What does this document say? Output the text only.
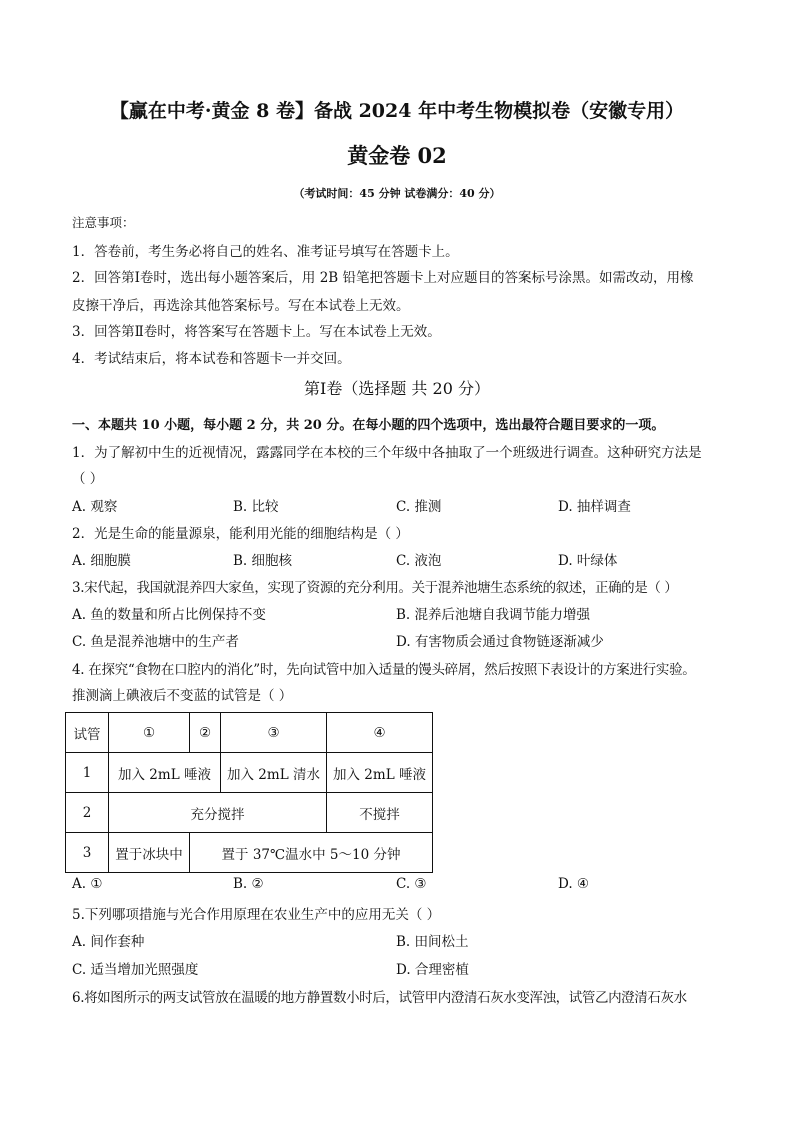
【赢在中考·黄金 8 卷】备战 2024 年中考生物模拟卷（安徽专用）
黄金卷 02
（考试时间：45 分钟 试卷满分：40 分）
注意事项：
1．答卷前，考生务必将自己的姓名、准考证号填写在答题卡上。
2．回答第Ⅰ卷时，选出每小题答案后，用 2B 铅笔把答题卡上对应题目的答案标号涂黑。如需改动，用橡
皮擦干净后，再选涂其他答案标号。写在本试卷上无效。
3．回答第Ⅱ卷时，将答案写在答题卡上。写在本试卷上无效。
4．考试结束后，将本试卷和答题卡一并交回。
第Ⅰ卷（选择题 共 20 分）
一、本题共 10 小题，每小题 2 分，共 20 分。在每小题的四个选项中，选出最符合题目要求的一项。
1．为了解初中生的近视情况，露露同学在本校的三个年级中各抽取了一个班级进行调查。这种研究方法是
（ ）
A. 观察	B. 比较	C. 推测	D. 抽样调查
2．光是生命的能量源泉，能利用光能的细胞结构是（ ）
A. 细胞膜	B. 细胞核	C. 液泡	D. 叶绿体
3.宋代起，我国就混养四大家鱼，实现了资源的充分利用。关于混养池塘生态系统的叙述，正确的是（ ）
A. 鱼的数量和所占比例保持不变	B. 混养后池塘自我调节能力增强
C. 鱼是混养池塘中的生产者	D. 有害物质会通过食物链逐渐减少
4. 在探究“食物在口腔内的消化”时，先向试管中加入适量的馒头碎屑，然后按照下表设计的方案进行实验。
推测滴上碘液后不变蓝的试管是（ ）
试管	①	②	③	④
1	加入 2mL 唾液		加入 2mL 清水	加入 2mL 唾液
2	充分搅拌			不搅拌
3	置于冰块中	置于 37℃温水中 5～10 分钟		
A. ①	B. ②	C. ③	D. ④
5.下列哪项措施与光合作用原理在农业生产中的应用无关（ ）
A. 间作套种	B. 田间松土
C. 适当增加光照强度	D. 合理密植
6.将如图所示的两支试管放在温暖的地方静置数小时后，试管甲内澄清石灰水变浑浊，试管乙内澄清石灰水
